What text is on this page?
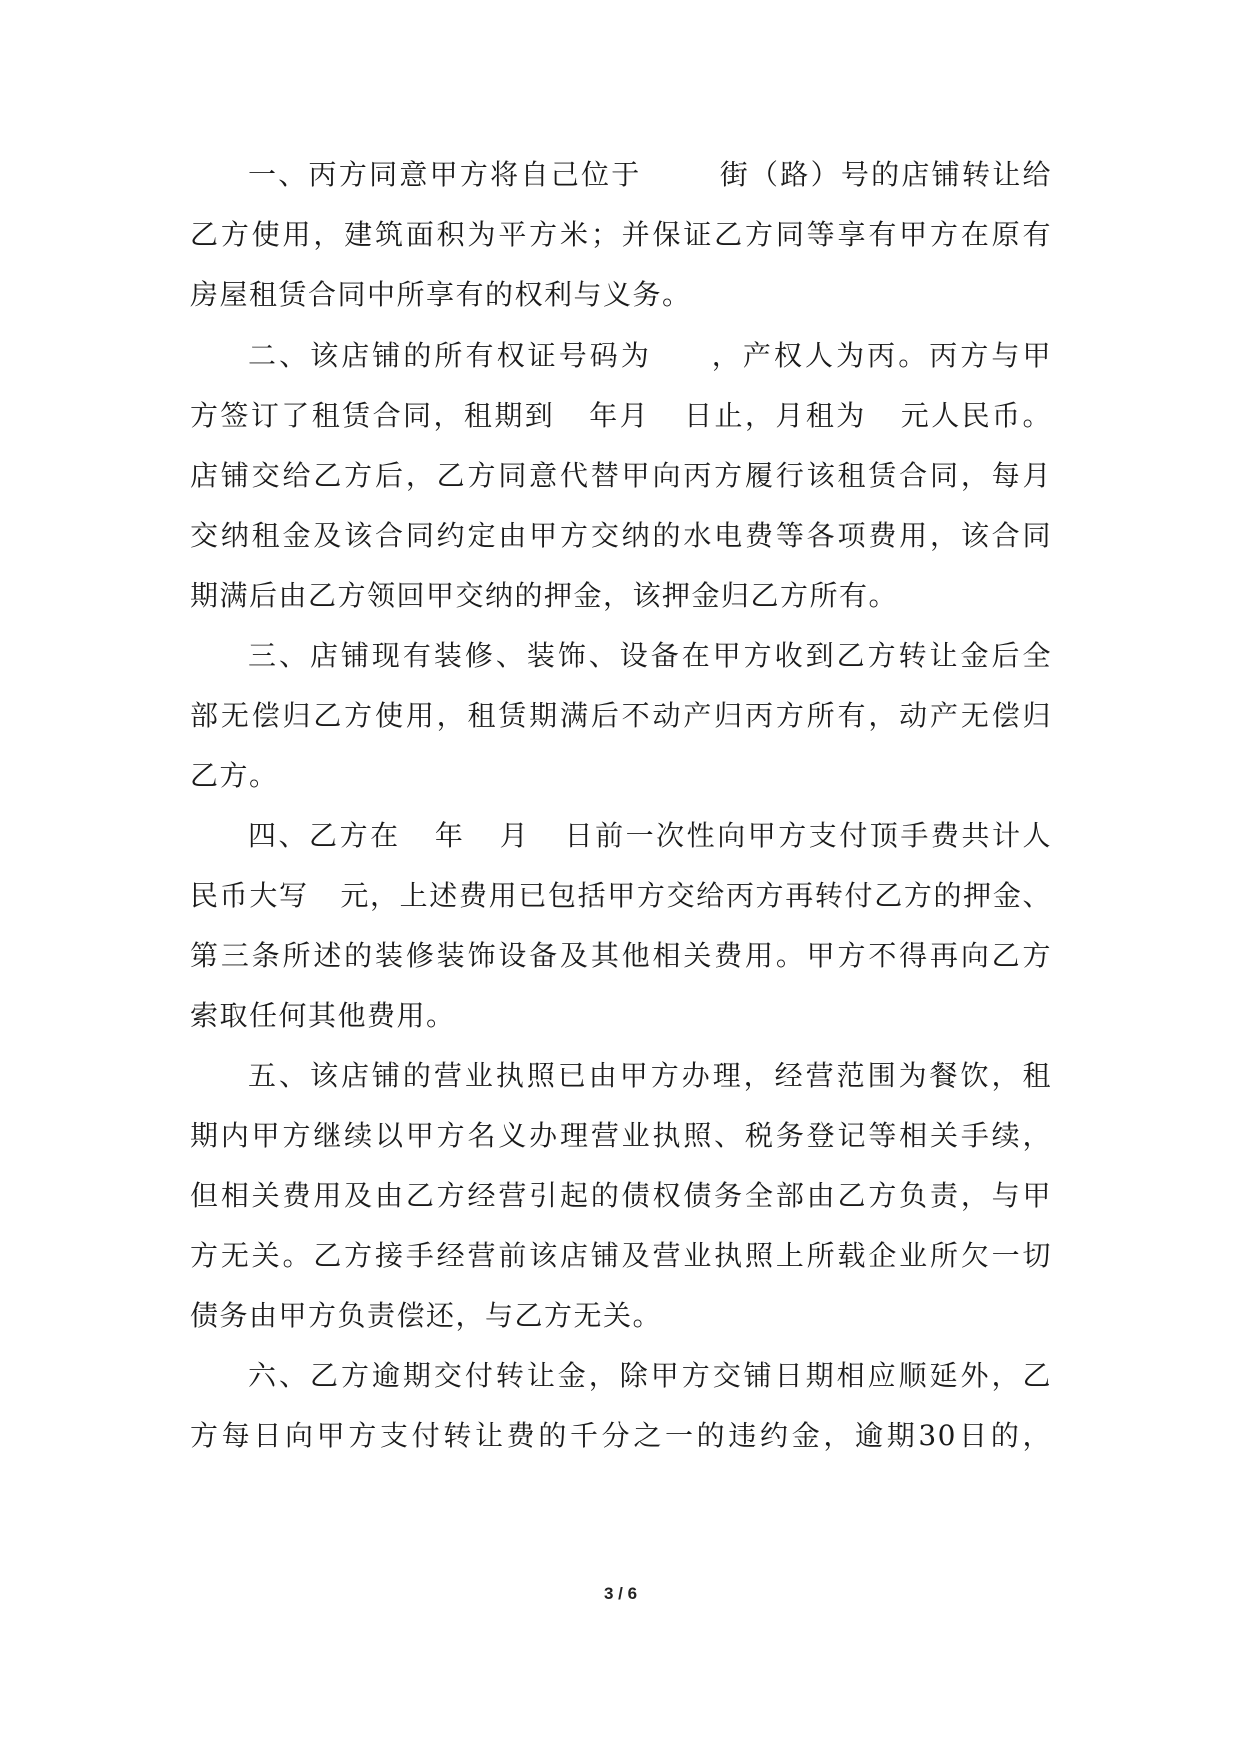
一、丙方同意甲方将自己位于       街（路）号的店铺转让给
乙方使用，建筑面积为平方米；并保证乙方同等享有甲方在原有
房屋租赁合同中所享有的权利与义务。
二、该店铺的所有权证号码为     ，产权人为丙。丙方与甲
方签订了租赁合同，租期到   年月   日止，月租为   元人民币。
店铺交给乙方后，乙方同意代替甲向丙方履行该租赁合同，每月
交纳租金及该合同约定由甲方交纳的水电费等各项费用，该合同
期满后由乙方领回甲交纳的押金，该押金归乙方所有。
三、店铺现有装修、装饰、设备在甲方收到乙方转让金后全
部无偿归乙方使用，租赁期满后不动产归丙方所有，动产无偿归
乙方。
四、乙方在   年   月   日前一次性向甲方支付顶手费共计人
民币大写   元，上述费用已包括甲方交给丙方再转付乙方的押金、
第三条所述的装修装饰设备及其他相关费用。甲方不得再向乙方
索取任何其他费用。
五、该店铺的营业执照已由甲方办理，经营范围为餐饮，租
期内甲方继续以甲方名义办理营业执照、税务登记等相关手续，
但相关费用及由乙方经营引起的债权债务全部由乙方负责，与甲
方无关。乙方接手经营前该店铺及营业执照上所载企业所欠一切
债务由甲方负责偿还，与乙方无关。
六、乙方逾期交付转让金，除甲方交铺日期相应顺延外，乙
方每日向甲方支付转让费的千分之一的违约金，逾期30日的，
3 / 6
